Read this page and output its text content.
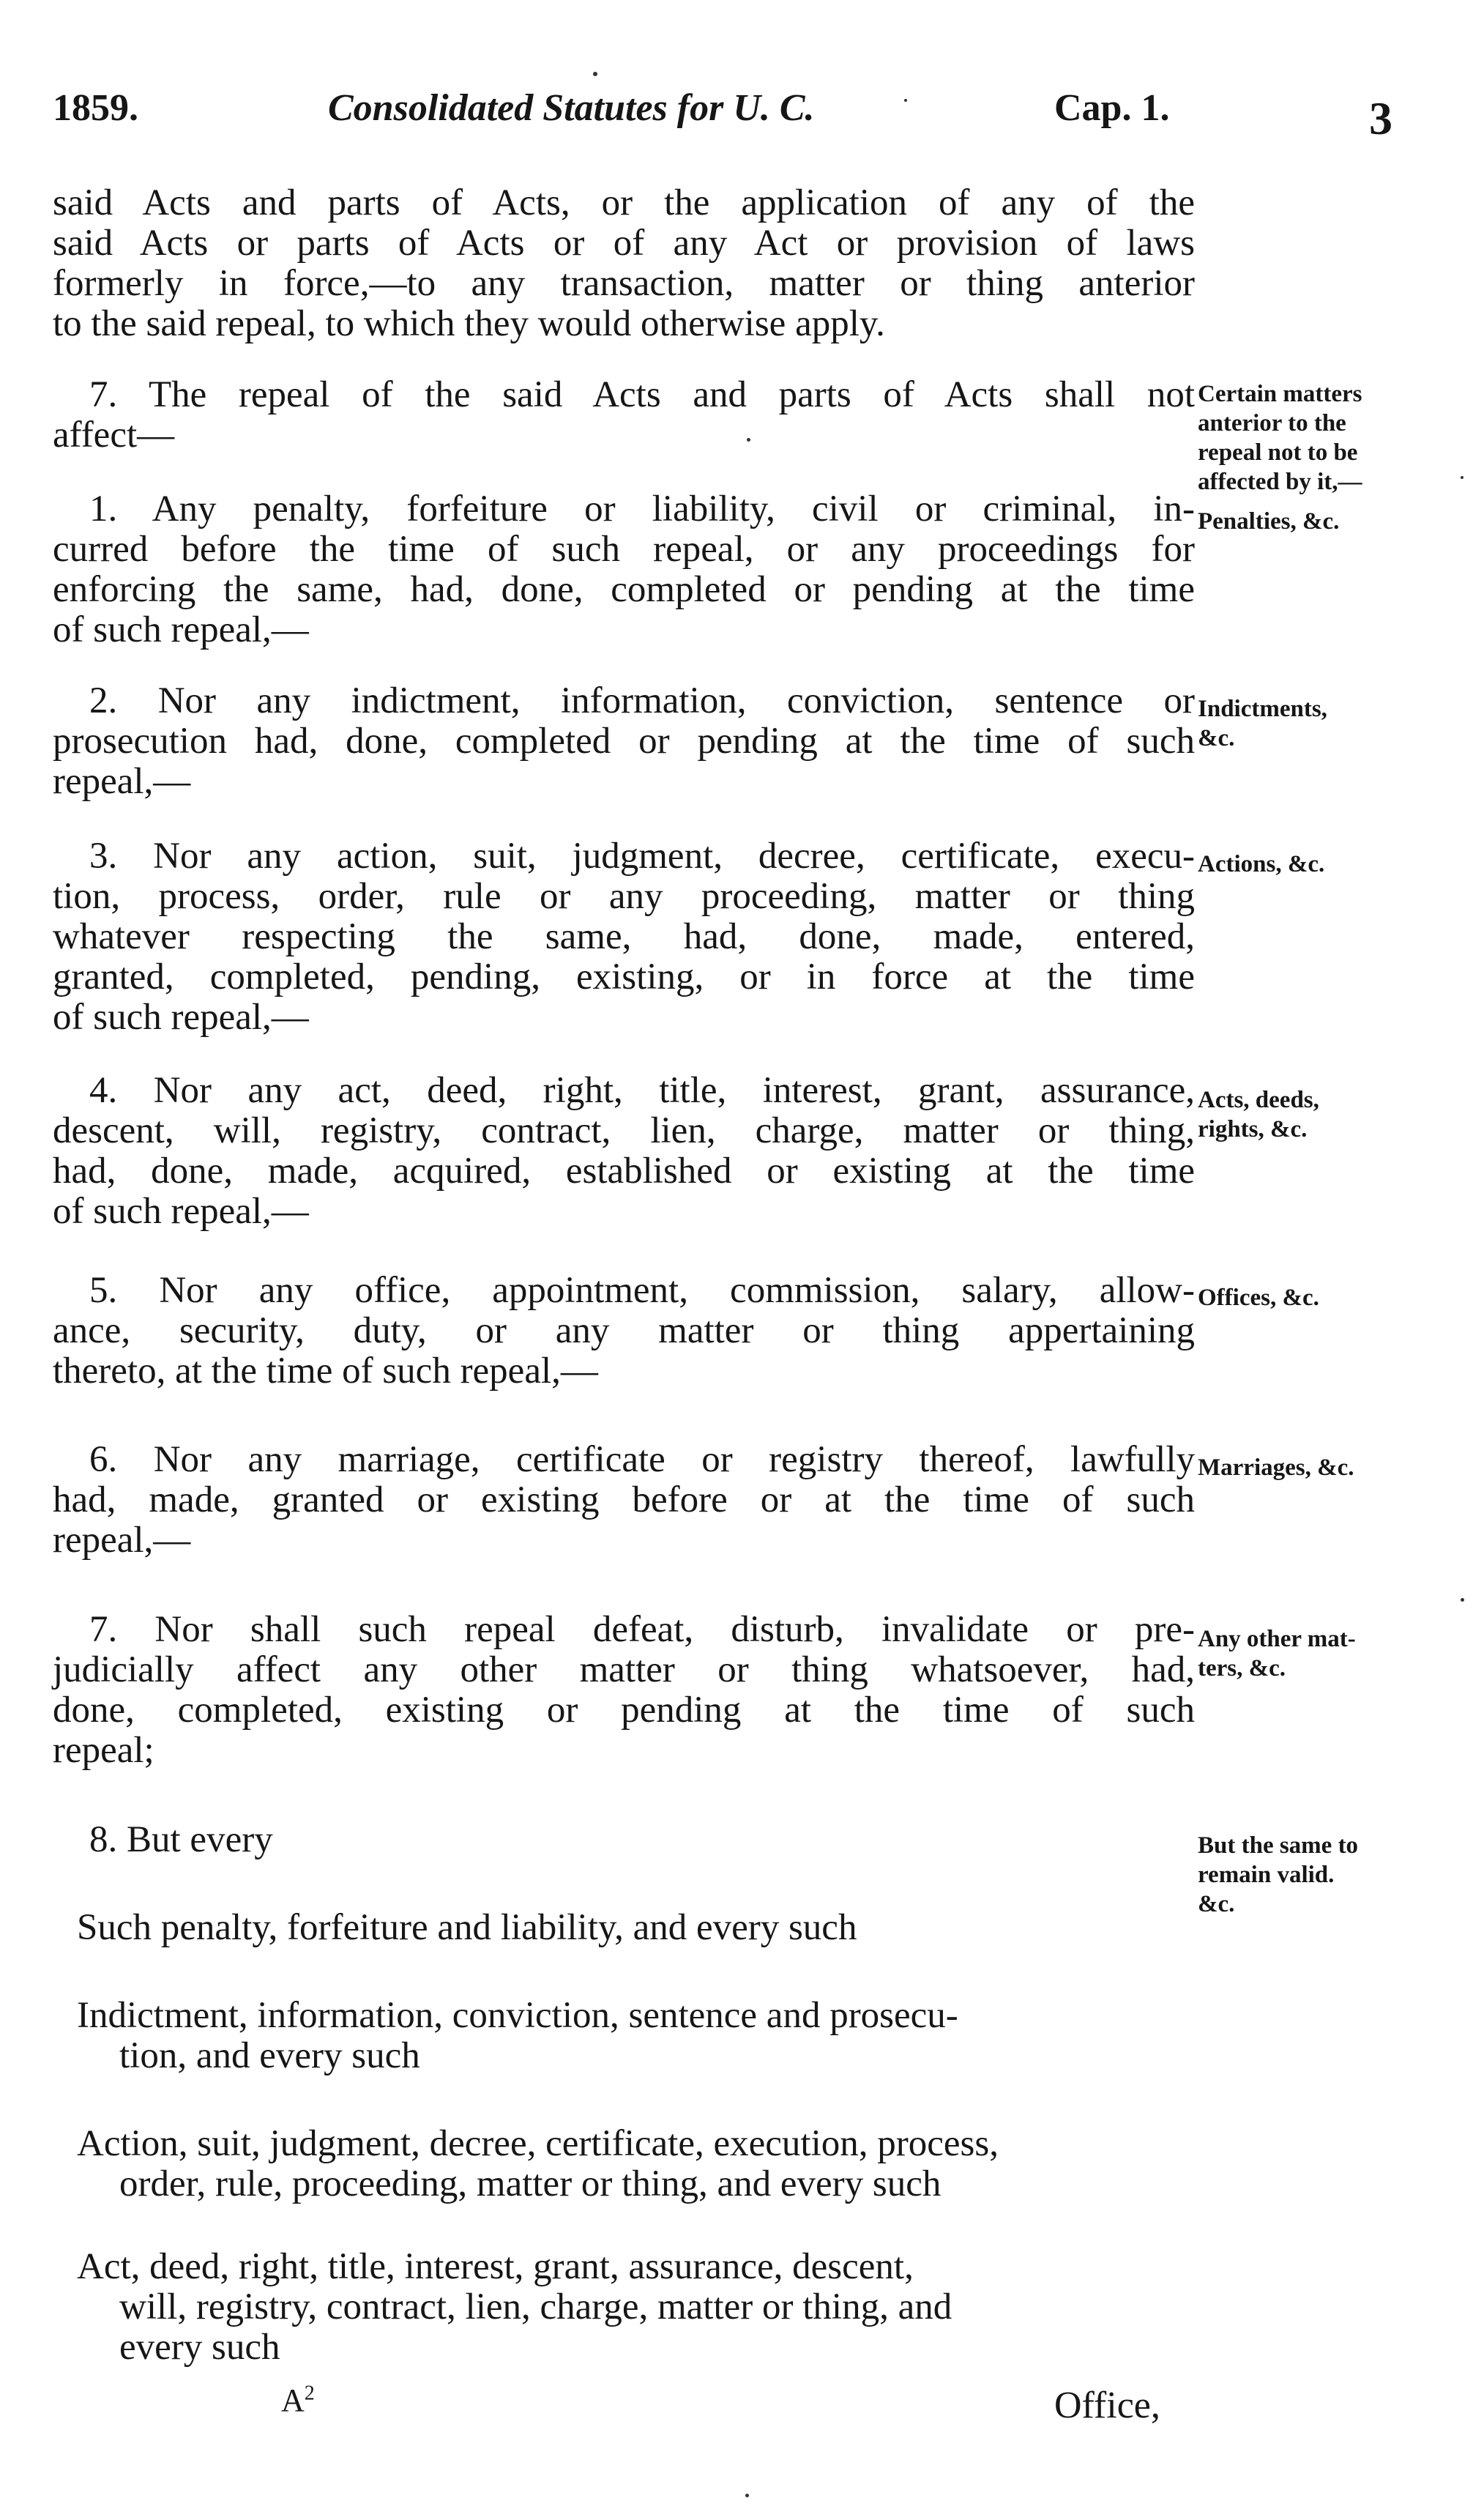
1859.	Consolidated Statutes for U. C.	Cap. 1.	3
said Acts and parts of Acts, or the application of any of the
said Acts or parts of Acts or of any Act or provision of laws
formerly in force,—to any transaction, matter or thing anterior
to the said repeal, to which they would otherwise apply.
7. The repeal of the said Acts and parts of Acts shall not
affect—
Certain matters
anterior to the
repeal not to be
affected by it,—
1. Any penalty, forfeiture or liability, civil or criminal, in-
curred before the time of such repeal, or any proceedings for
enforcing the same, had, done, completed or pending at the time
of such repeal,—
Penalties, &c.
2. Nor any indictment, information, conviction, sentence or
prosecution had, done, completed or pending at the time of such
repeal,—
Indictments,
&c.
3. Nor any action, suit, judgment, decree, certificate, execu-
tion, process, order, rule or any proceeding, matter or thing
whatever respecting the same, had, done, made, entered,
granted, completed, pending, existing, or in force at the time
of such repeal,—
Actions, &c.
4. Nor any act, deed, right, title, interest, grant, assurance,
descent, will, registry, contract, lien, charge, matter or thing,
had, done, made, acquired, established or existing at the time
of such repeal,—
Acts, deeds,
rights, &c.
5. Nor any office, appointment, commission, salary, allow-
ance, security, duty, or any matter or thing appertaining
thereto, at the time of such repeal,—
Offices, &c.
6. Nor any marriage, certificate or registry thereof, lawfully
had, made, granted or existing before or at the time of such
repeal,—
Marriages, &c.
7. Nor shall such repeal defeat, disturb, invalidate or pre-
judicially affect any other matter or thing whatsoever, had,
done, completed, existing or pending at the time of such
repeal;
Any other mat-
ters, &c.
8. But every	But the same to
remain valid.
&c.
Such penalty, forfeiture and liability, and every such
Indictment, information, conviction, sentence and prosecu-
tion, and every such
Action, suit, judgment, decree, certificate, execution, process,
order, rule, proceeding, matter or thing, and every such
Act, deed, right, title, interest, grant, assurance, descent,
will, registry, contract, lien, charge, matter or thing, and
every such
$A^2$	Office,
